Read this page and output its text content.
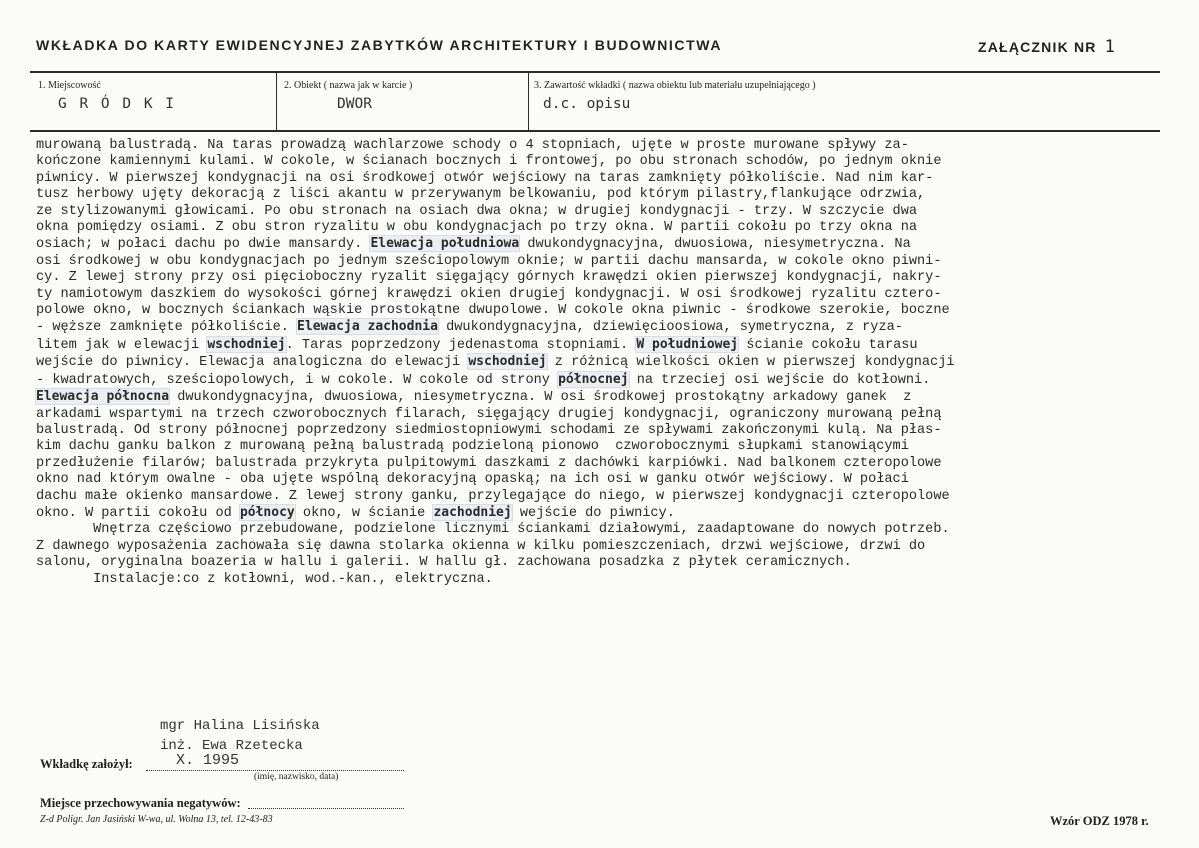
WKŁADKA DO KARTY EWIDENCYJNEJ ZABYTKÓW ARCHITEKTURY I BUDOWNICTWA	ZAŁĄCZNIK NR 1
1. Miejscowość
G R Ó D K I
2. Obiekt ( nazwa jak w karcie )
DWOR
3. Zawartość wkładki ( nazwa obiektu lub materiału uzupełniającego )
d.c. opisu
murowaną balustradą. Na taras prowadzą wachlarzowe schody o 4 stopniach, ujęte w proste murowane spływy za-
kończone kamiennymi kulami. W cokole, w ścianach bocznych i frontowej, po obu stronach schodów, po jednym oknie
piwnicy. W pierwszej kondygnacji na osi środkowej otwór wejściowy na taras zamknięty półkoliście. Nad nim kar-
tusz herbowy ujęty dekoracją z liści akantu w przerywanym belkowaniu, pod którym pilastry,flankujące odrzwia,
ze stylizowanymi głowicami. Po obu stronach na osiach dwa okna; w drugiej kondygnacji - trzy. W szczycie dwa
okna pomiędzy osiami. Z obu stron ryzalitu w obu kondygnacjach po trzy okna. W partii cokołu po trzy okna na
osiach; w połaci dachu po dwie mansardy. Elewacja południowa dwukondygnacyjna, dwuosiowa, niesymetryczna. Na
osi środkowej w obu kondygnacjach po jednym sześciopolowym oknie; w partii dachu mansarda, w cokole okno piwni-
cy. Z lewej strony przy osi pięcioboczny ryzalit sięgający górnych krawędzi okien pierwszej kondygnacji, nakry-
ty namiotowym daszkiem do wysokości górnej krawędzi okien drugiej kondygnacji. W osi środkowej ryzalitu cztero-
polowe okno, w bocznych ściankach wąskie prostokątne dwupolowe. W cokole okna piwnic - środkowe szerokie, boczne
- węższe zamknięte półkoliście. Elewacja zachodnia dwukondygnacyjna, dziewięcioosiowa, symetryczna, z ryza-
litem jak w elewacji wschodniej. Taras poprzedzony jedenastoma stopniami. W południowej ścianie cokołu tarasu
wejście do piwnicy. Elewacja analogiczna do elewacji wschodniej z różnicą wielkości okien w pierwszej kondygnacji
- kwadratowych, sześciopolowych, i w cokole. W cokole od strony północnej na trzeciej osi wejście do kotłowni.
Elewacja północna dwukondygnacyjna, dwuosiowa, niesymetryczna. W osi środkowej prostokątny arkadowy ganek  z
arkadami wspartymi na trzech czworobocznych filarach, sięgający drugiej kondygnacji, ograniczony murowaną pełną
balustradą. Od strony północnej poprzedzony siedmiostopniowymi schodami ze spływami zakończonymi kulą. Na płas-
kim dachu ganku balkon z murowaną pełną balustradą podzieloną pionowo  czworobocznymi słupkami stanowiącymi
przedłużenie filarów; balustrada przykryta pulpitowymi daszkami z dachówki karpiówki. Nad balkonem czteropolowe
okno nad którym owalne - oba ujęte wspólną dekoracyjną opaską; na ich osi w ganku otwór wejściowy. W połaci
dachu małe okienko mansardowe. Z lewej strony ganku, przylegające do niego, w pierwszej kondygnacji czteropolowe
okno. W partii cokołu od północy okno, w ścianie zachodniej wejście do piwnicy.
Wnętrza częściowo przebudowane, podzielone licznymi ściankami działowymi, zaadaptowane do nowych potrzeb.
Z dawnego wyposażenia zachowała się dawna stolarka okienna w kilku pomieszczeniach, drzwi wejściowe, drzwi do
salonu, oryginalna boazeria w hallu i galerii. W hallu gł. zachowana posadzka z płytek ceramicznych.
Instalacje:co z kotłowni, wod.-kan., elektryczna.
mgr Halina Lisińska
inż. Ewa Rzetecka
Wkładkę założył:	X. 1995
(imię, nazwisko, data)
Miejsce przechowywania negatywów:
Z-d Poligr. Jan Jasiński W-wa, ul. Wolna 13, tel. 12-43-83	Wzór ODZ 1978 r.
